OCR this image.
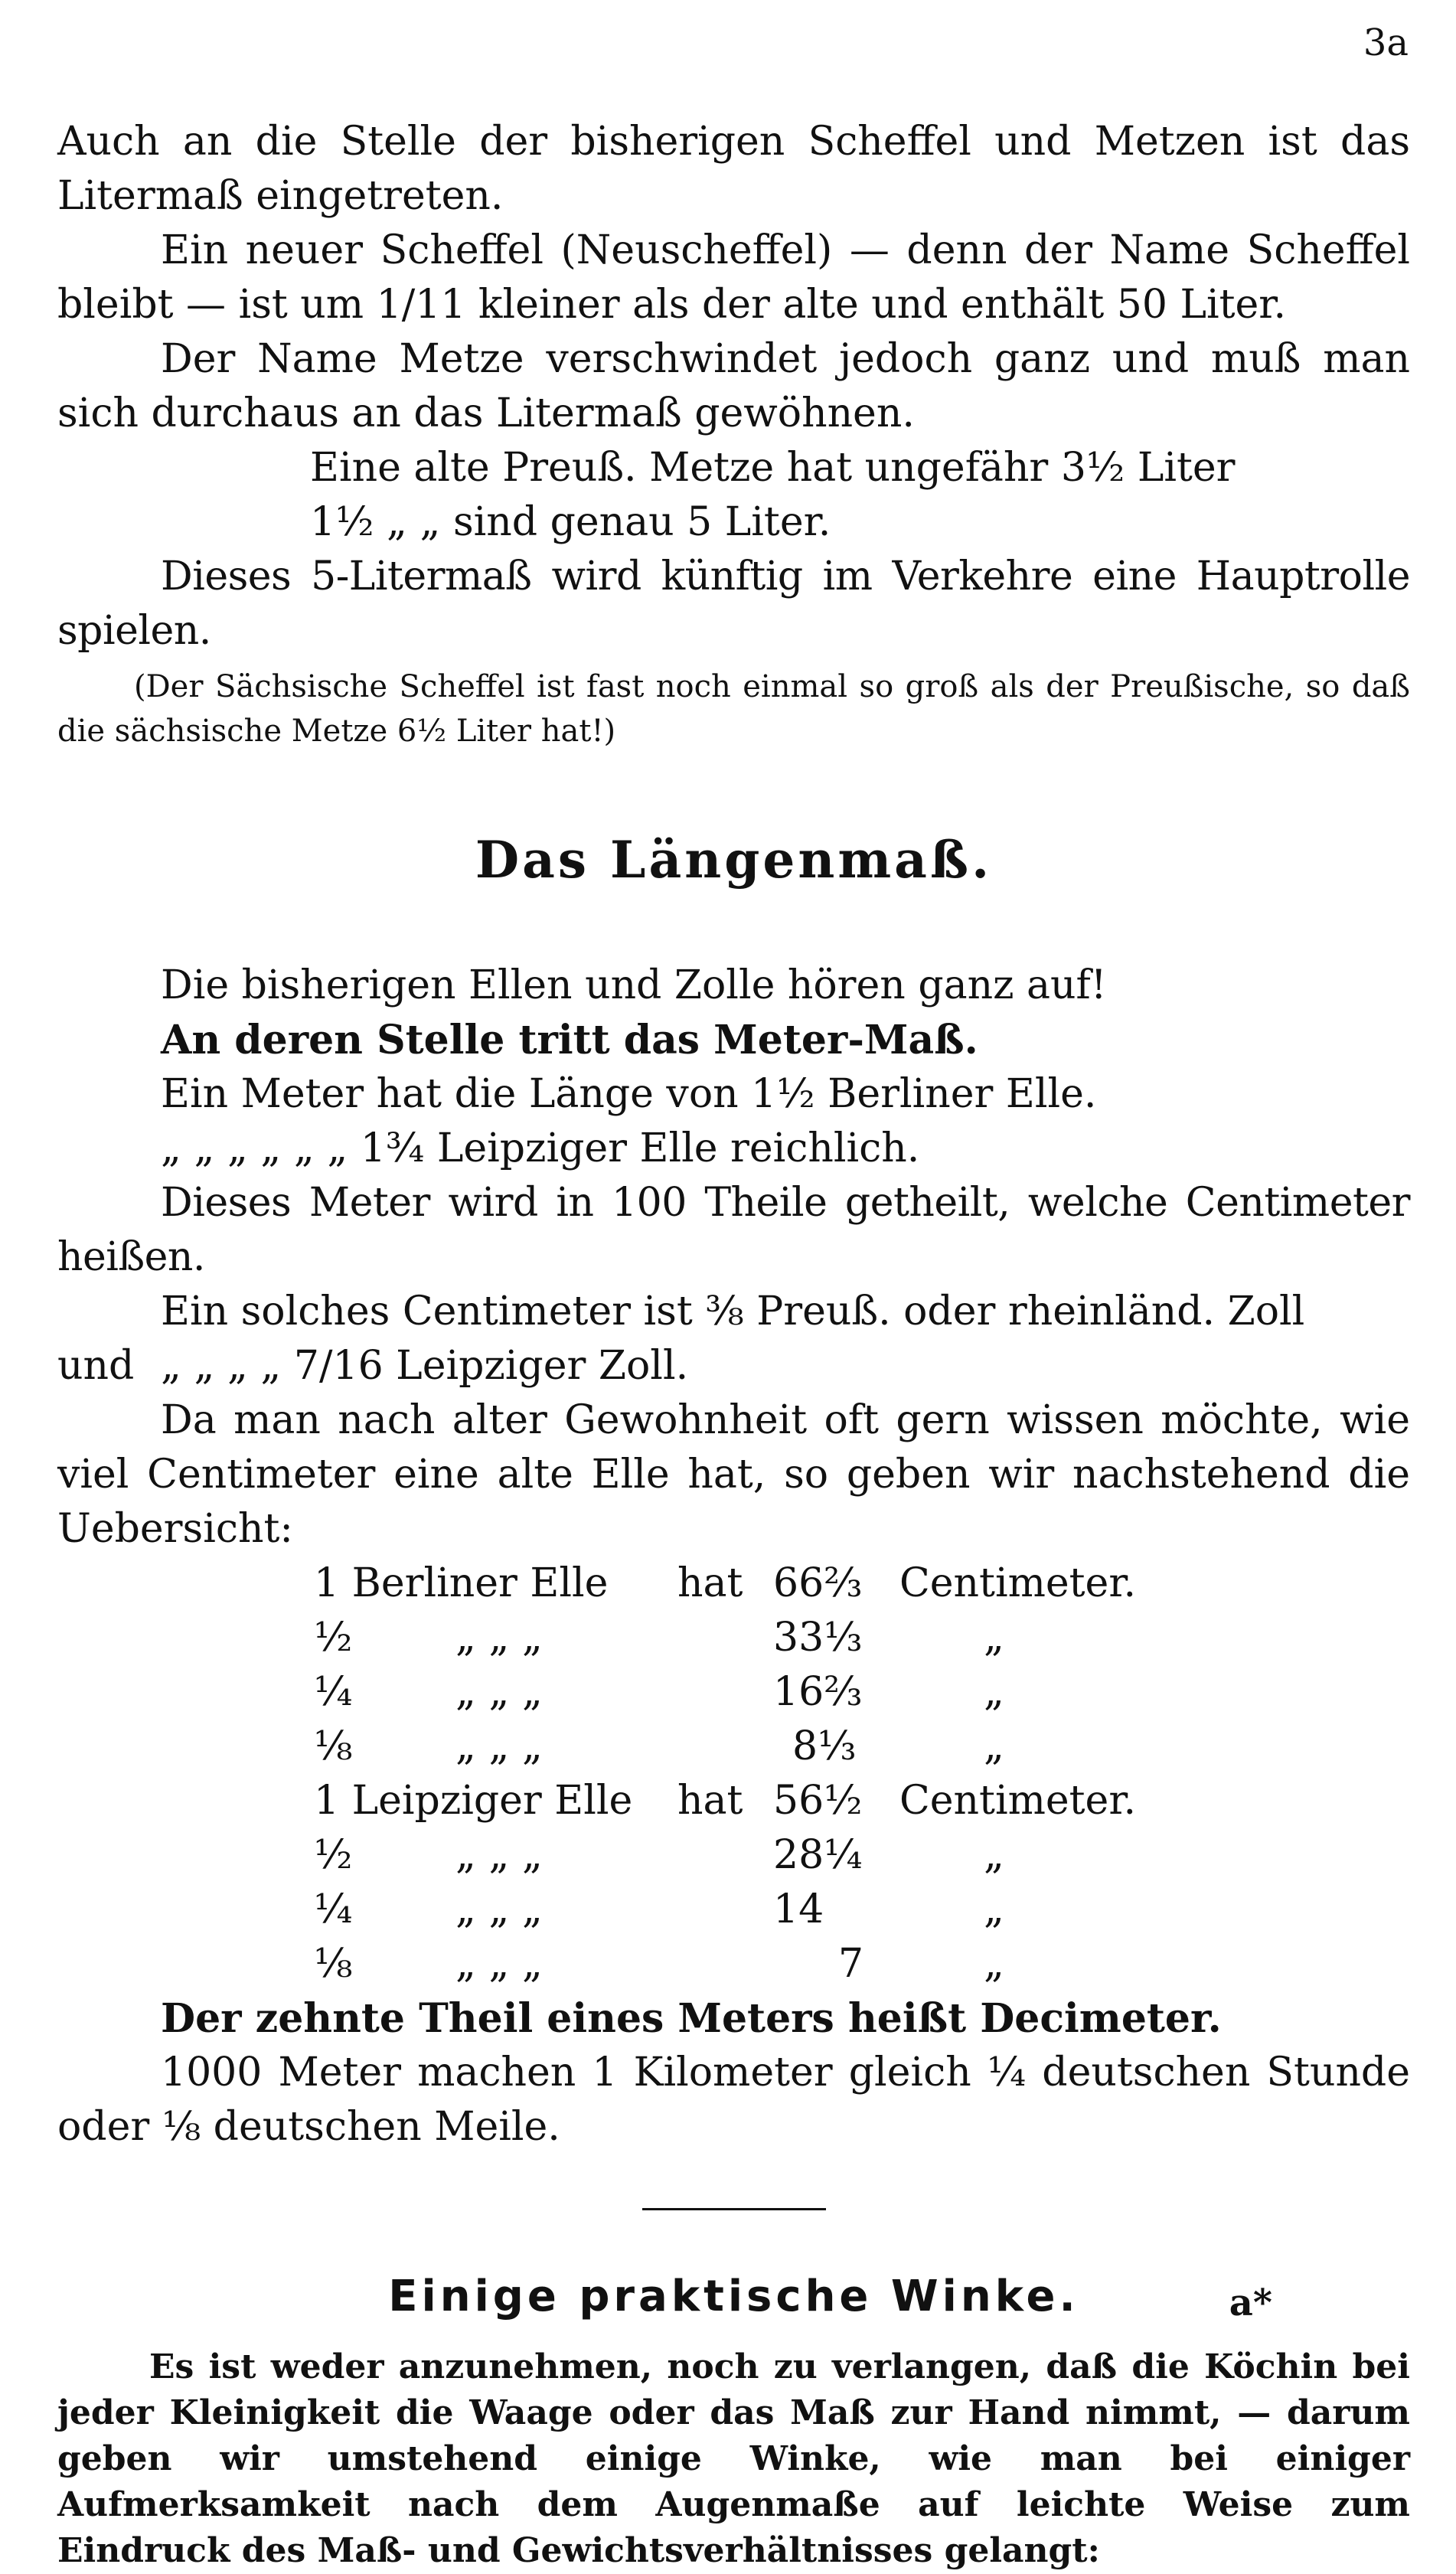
3a

Auch an die Stelle der bisherigen Scheffel und Metzen ist das Litermaß eingetreten.

Ein neuer Scheffel (Neuscheffel) — denn der Name Scheffel bleibt — ist um 1/11 kleiner als der alte und enthält 50 Liter.

Der Name Metze verschwindet jedoch ganz und muß man sich durchaus an das Litermaß gewöhnen.

Eine alte Preuß. Metze hat ungefähr 3½ Liter

1½ „ „ sind genau 5 Liter.

Dieses 5-Litermaß wird künftig im Verkehre eine Hauptrolle spielen.

(Der Sächsische Scheffel ist fast noch einmal so groß als der Preußische, so daß die sächsische Metze 6½ Liter hat!)

Das Längenmaß.

Die bisherigen Ellen und Zolle hören ganz auf!

An deren Stelle tritt das Meter-Maß.

Ein Meter hat die Länge von 1½ Berliner Elle.

„ „ „ „ „ „ 1¾ Leipziger Elle reichlich.

Dieses Meter wird in 100 Theile getheilt, welche Centimeter heißen.

Ein solches Centimeter ist ⅜ Preuß. oder rheinländ. Zoll

und „ „ „ „ 7/16 Leipziger Zoll.

Da man nach alter Gewohnheit oft gern wissen möchte, wie viel Centimeter eine alte Elle hat, so geben wir nachstehend die Uebersicht:

1 Berliner Elle hat 66⅔ Centimeter.
½	„ „ „	33⅓	„
¼	„ „ „	16⅔	„
⅛	„ „ „	8⅓	„
1 Leipziger Elle hat 56½ Centimeter.
½	„ „ „	28¼	„
¼	„ „ „	14	„
⅛	„ „ „	7	„

Der zehnte Theil eines Meters heißt Decimeter.

1000 Meter machen 1 Kilometer gleich ¼ deutschen Stunde oder ⅛ deutschen Meile.

Einige praktische Winke.

Es ist weder anzunehmen, noch zu verlangen, daß die Köchin bei jeder Kleinigkeit die Waage oder das Maß zur Hand nimmt, — darum geben wir umstehend einige Winke, wie man bei einiger Aufmerksamkeit nach dem Augenmaße auf leichte Weise zum Eindruck des Maß- und Gewichtsverhältnisses gelangt:

a*
